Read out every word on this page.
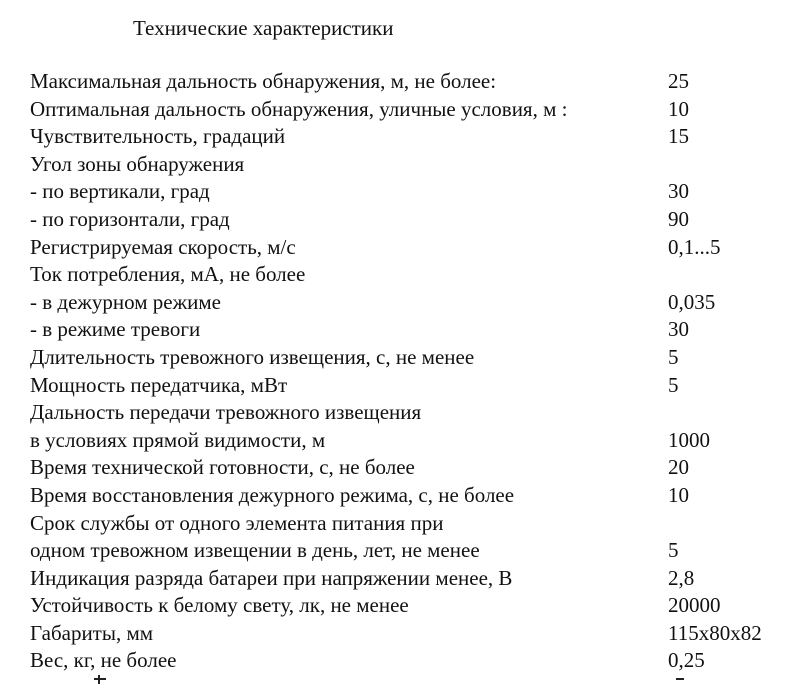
Технические характеристики
Максимальная дальность обнаружения, м, не более:	25
Оптимальная дальность обнаружения, уличные условия, м :	10
Чувствительность, градаций	15
Угол зоны обнаружения
- по вертикали, град	30
- по горизонтали, град	90
Регистрируемая скорость, м/с	0,1...5
Ток потребления, мА, не более
- в дежурном режиме	0,035
- в режиме тревоги	30
Длительность тревожного извещения, с, не менее	5
Мощность передатчика, мВт	5
Дальность передачи тревожного извещения
в условиях прямой видимости, м	1000
Время технической готовности, с, не более	20
Время восстановления дежурного режима, с, не более	10
Срок службы от одного элемента питания при
одном тревожном извещении в день, лет, не менее	5
Индикация разряда батареи при напряжении менее, В	2,8
Устойчивость к белому свету, лк, не менее	20000
Габариты, мм	115x80x82
Вес, кг, не более	0,25
